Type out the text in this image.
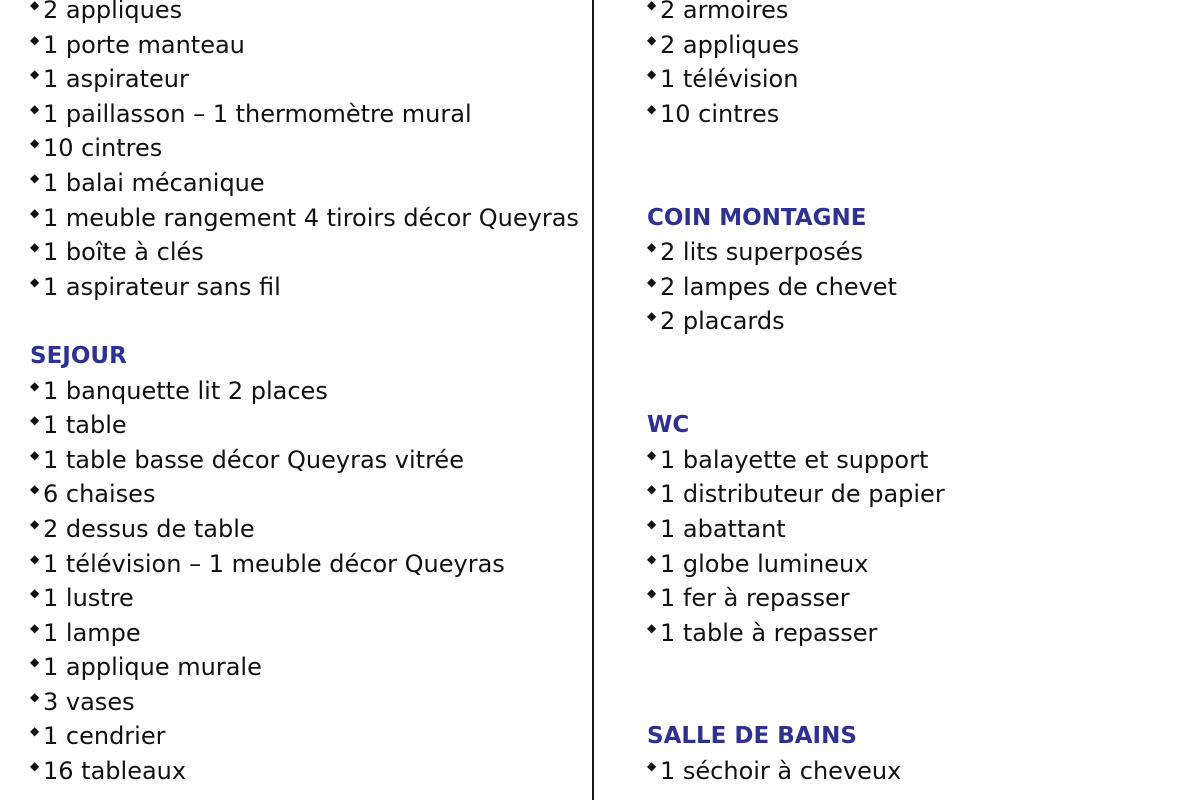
◆ 2 appliques
◆ 1 porte manteau
◆ 1 aspirateur
◆ 1 paillasson – 1 thermomètre mural
◆ 10 cintres
◆ 1 balai mécanique
◆ 1 meuble rangement 4 tiroirs décor Queyras
◆ 1 boîte à clés
◆ 1 aspirateur sans fil
SEJOUR
◆ 1 banquette lit 2 places
◆ 1 table
◆ 1 table basse décor Queyras vitrée
◆ 6 chaises
◆ 2 dessus de table
◆ 1 télévision – 1 meuble décor Queyras
◆ 1 lustre
◆ 1 lampe
◆ 1 applique murale
◆ 3 vases
◆ 1 cendrier
◆ 16 tableaux
◆ 2 armoires
◆ 2 appliques
◆ 1 télévision
◆ 10 cintres
COIN MONTAGNE
◆ 2 lits superposés
◆ 2 lampes de chevet
◆ 2 placards
WC
◆ 1 balayette et support
◆ 1 distributeur de papier
◆ 1 abattant
◆ 1 globe lumineux
◆ 1 fer à repasser
◆ 1 table à repasser
SALLE DE BAINS
◆ 1 séchoir à cheveux
